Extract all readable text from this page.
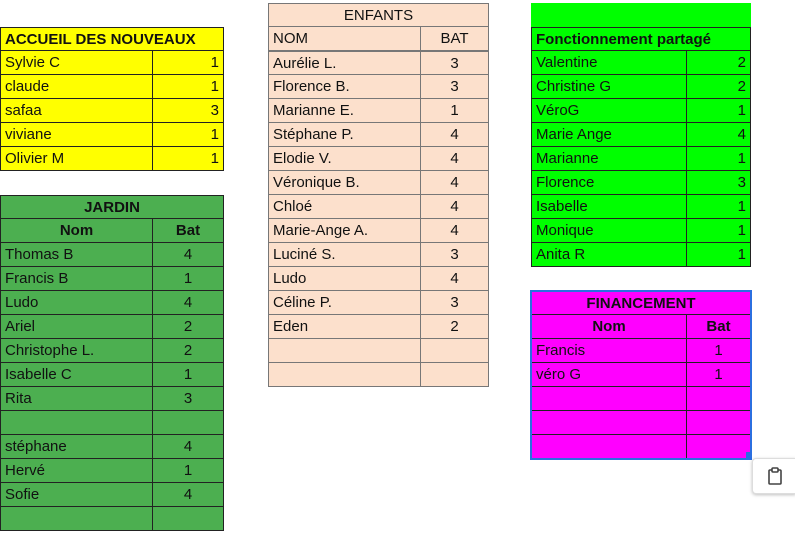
ACCUEIL DES NOUVEAUX
Sylvie C	1
claude	1
safaa	3
viviane	1
Olivier M	1
JARDIN
Nom	Bat
Thomas B	4
Francis B	1
Ludo	4
Ariel	2
Christophe L.	2
Isabelle C	1
Rita	3
stéphane	4
Hervé	1
Sofie	4
ENFANTS
NOM	BAT
Aurélie L.	3
Florence B.	3
Marianne E.	1
Stéphane P.	4
Elodie V.	4
Véronique B.	4
Chloé	4
Marie-Ange A.	4
Luciné S.	3
Ludo	4
Céline P.	3
Eden	2
Fonctionnement partagé
Valentine	2
Christine G	2
VéroG	1
Marie Ange	4
Marianne	1
Florence	3
Isabelle	1
Monique	1
Anita R	1
FINANCEMENT
Nom	Bat
Francis	1
véro G	1
